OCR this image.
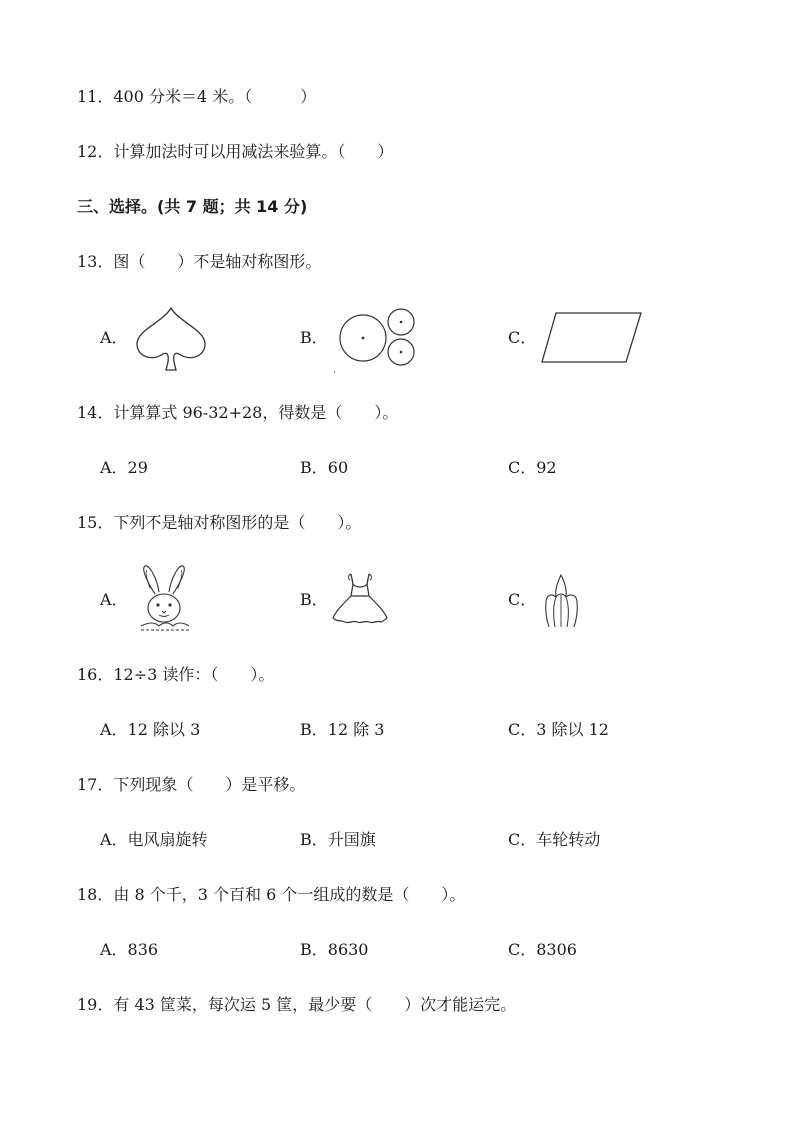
11．400 分米＝4 米。（　　　）
12．计算加法时可以用减法来验算。（　　）
三、选择。(共 7 题；共 14 分)
13．图（　　）不是轴对称图形。
A．	B．	C．
14．计算算式 96-32+28，得数是（　　）。
A．29	B．60	C．92
15．下列不是轴对称图形的是（　　）。
A．	B．	C．
16．12÷3 读作：（　　）。
A．12 除以 3	B．12 除 3	C．3 除以 12
17．下列现象（　　）是平移。
A．电风扇旋转	B．升国旗	C．车轮转动
18．由 8 个千，3 个百和 6 个一组成的数是（　　）。
A．836	B．8630	C．8306
19．有 43 筐菜，每次运 5 筐，最少要（　　）次才能运完。
